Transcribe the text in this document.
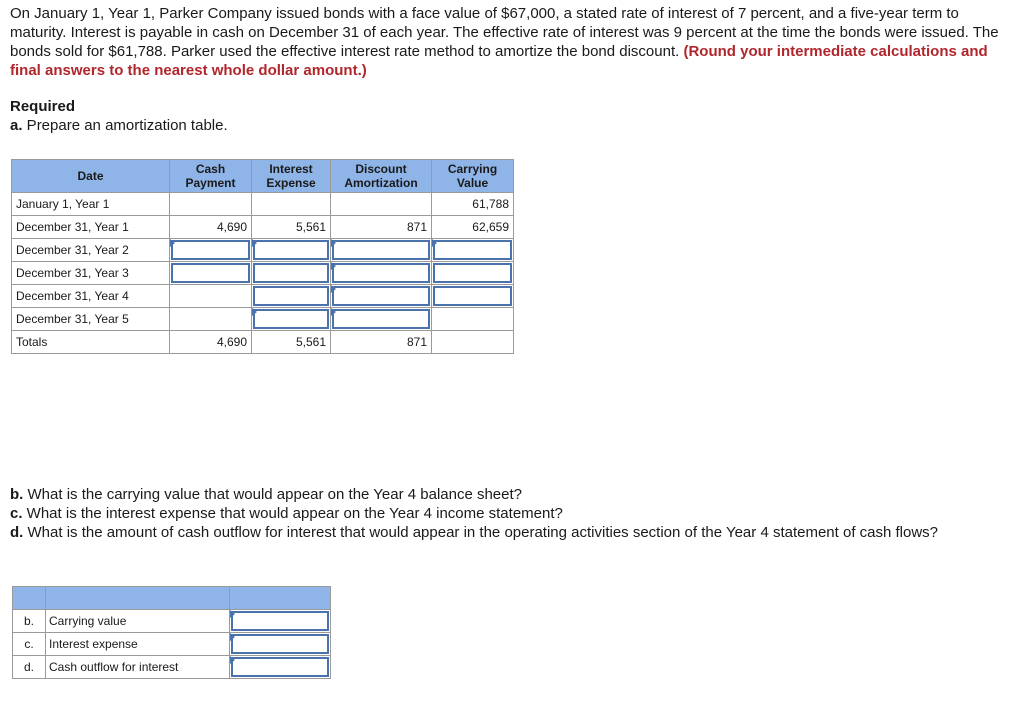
On January 1, Year 1, Parker Company issued bonds with a face value of $67,000, a stated rate of interest of 7 percent, and a five-year term to maturity. Interest is payable in cash on December 31 of each year. The effective rate of interest was 9 percent at the time the bonds were issued. The bonds sold for $61,788. Parker used the effective interest rate method to amortize the bond discount. (Round your intermediate calculations and final answers to the nearest whole dollar amount.)
Required
a. Prepare an amortization table.
Date	Cash Payment	Interest Expense	Discount Amortization	Carrying Value
January 1, Year 1				61,788
December 31, Year 1	4,690	5,561	871	62,659
December 31, Year 2	

December 31, Year 3	

December 31, Year 4		

December 31, Year 5		

Totals	4,690	5,561	871	
b. What is the carrying value that would appear on the Year 4 balance sheet?
c. What is the interest expense that would appear on the Year 4 income statement?
d. What is the amount of cash outflow for interest that would appear in the operating activities section of the Year 4 statement of cash flows?

b.	Carrying value	

c.	Interest expense	

d.	Cash outflow for interest	
